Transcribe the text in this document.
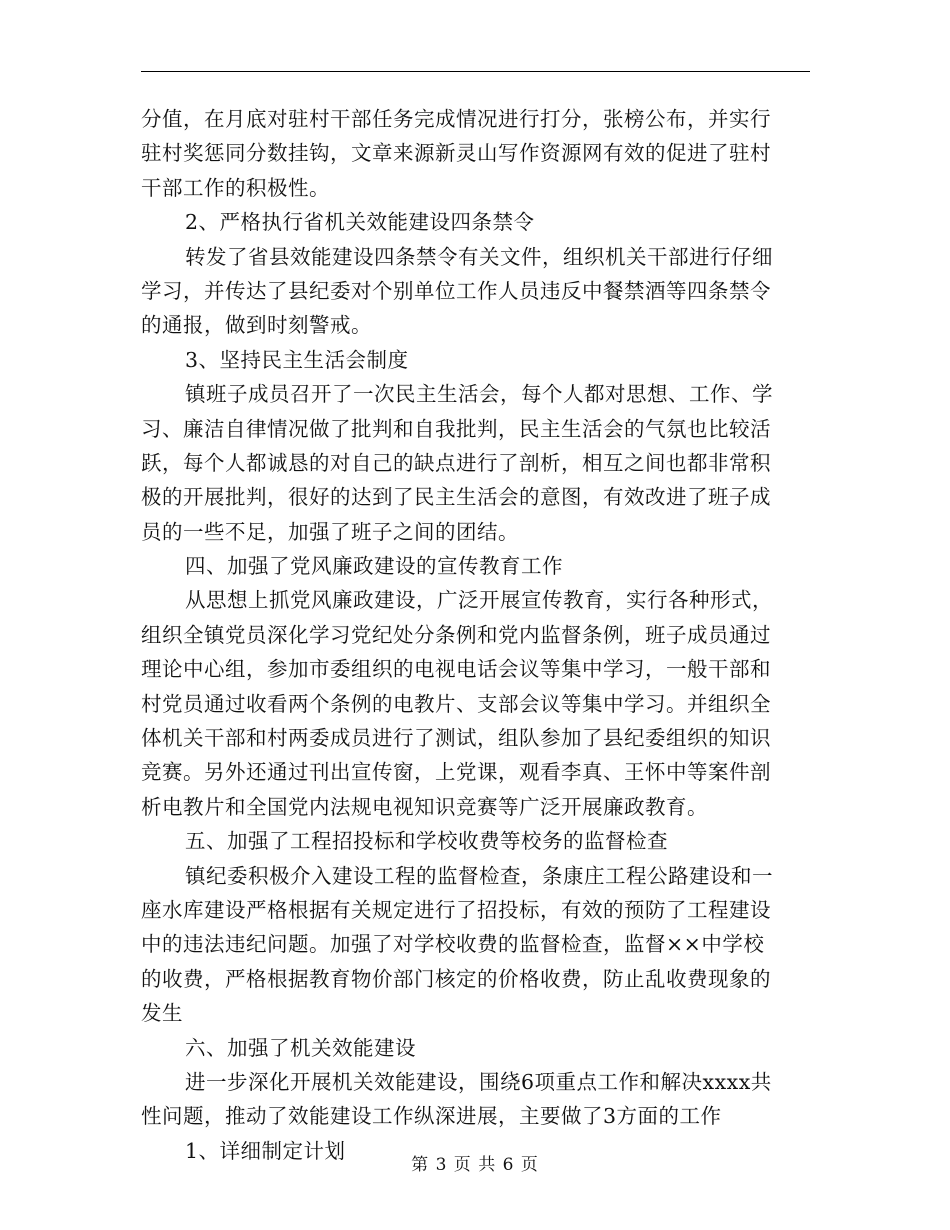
分值，在月底对驻村干部任务完成情况进行打分，张榜公布，并实行
驻村奖惩同分数挂钩，文章来源新灵山写作资源网有效的促进了驻村
干部工作的积极性。
2、严格执行省机关效能建设四条禁令
转发了省县效能建设四条禁令有关文件，组织机关干部进行仔细
学习，并传达了县纪委对个别单位工作人员违反中餐禁酒等四条禁令
的通报，做到时刻警戒。
3、坚持民主生活会制度
镇班子成员召开了一次民主生活会，每个人都对思想、工作、学
习、廉洁自律情况做了批判和自我批判，民主生活会的气氛也比较活
跃，每个人都诚恳的对自己的缺点进行了剖析，相互之间也都非常积
极的开展批判，很好的达到了民主生活会的意图，有效改进了班子成
员的一些不足，加强了班子之间的团结。
四、加强了党风廉政建设的宣传教育工作
从思想上抓党风廉政建设，广泛开展宣传教育，实行各种形式，
组织全镇党员深化学习党纪处分条例和党内监督条例，班子成员通过
理论中心组，参加市委组织的电视电话会议等集中学习，一般干部和
村党员通过收看两个条例的电教片、支部会议等集中学习。并组织全
体机关干部和村两委成员进行了测试，组队参加了县纪委组织的知识
竞赛。另外还通过刊出宣传窗，上党课，观看李真、王怀中等案件剖
析电教片和全国党内法规电视知识竞赛等广泛开展廉政教育。
五、加强了工程招投标和学校收费等校务的监督检查
镇纪委积极介入建设工程的监督检查，条康庄工程公路建设和一
座水库建设严格根据有关规定进行了招投标，有效的预防了工程建设
中的违法违纪问题。加强了对学校收费的监督检查，监督××中学校
的收费，严格根据教育物价部门核定的价格收费，防止乱收费现象的
发生
六、加强了机关效能建设
进一步深化开展机关效能建设，围绕6项重点工作和解决xxxx共
性问题，推动了效能建设工作纵深进展，主要做了3方面的工作
1、详细制定计划
第 3 页 共 6 页
